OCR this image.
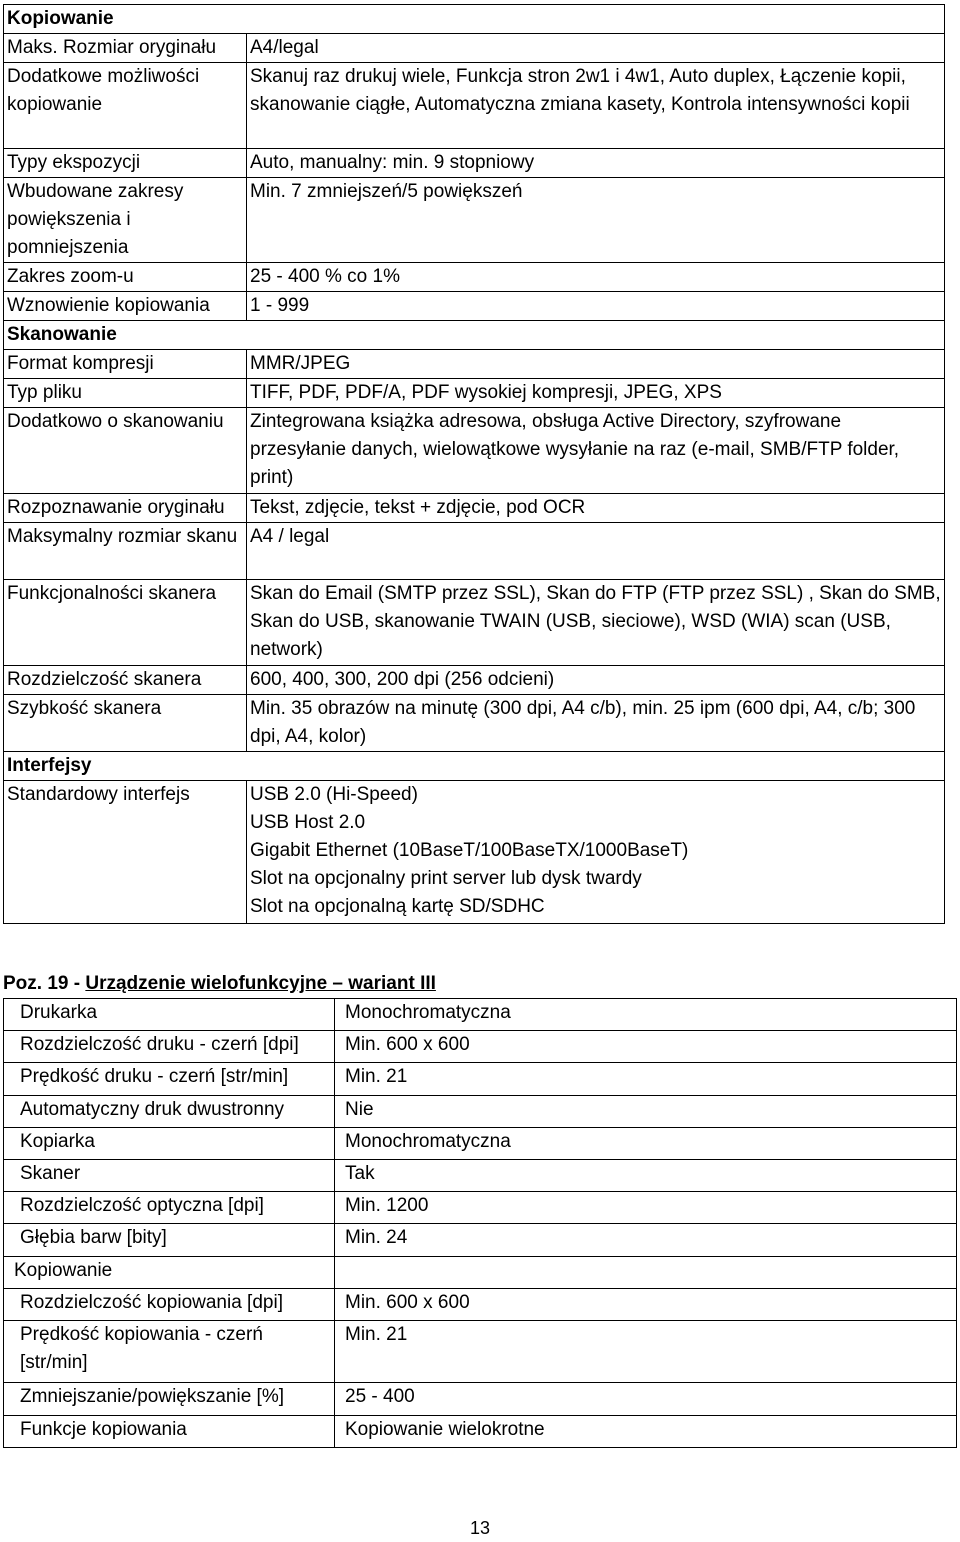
Kopiowanie	
Maks. Rozmiar oryginału	A4/legal
Dodatkowe możliwości kopiowanie	Skanuj raz drukuj wiele, Funkcja stron 2w1 i 4w1, Auto duplex, Łączenie kopii, skanowanie ciągłe, Automatyczna zmiana kasety, Kontrola intensywności kopii
Typy ekspozycji	Auto, manualny: min. 9 stopniowy
Wbudowane zakresy powiększenia i pomniejszenia	Min. 7 zmniejszeń/5 powiększeń
Zakres zoom-u	25 - 400 % co 1%
Wznowienie kopiowania	1 - 999
Skanowanie	
Format kompresji	MMR/JPEG
Typ pliku	TIFF, PDF, PDF/A, PDF wysokiej kompresji, JPEG, XPS
Dodatkowo o skanowaniu	Zintegrowana książka adresowa, obsługa Active Directory, szyfrowane przesyłanie danych, wielowątkowe wysyłanie na raz (e-mail, SMB/FTP folder, print)
Rozpoznawanie oryginału	Tekst, zdjęcie, tekst + zdjęcie, pod OCR
Maksymalny rozmiar skanu	A4 / legal
Funkcjonalności skanera	Skan do Email (SMTP przez SSL), Skan do FTP (FTP przez SSL) , Skan do SMB, Skan do USB, skanowanie TWAIN (USB, sieciowe), WSD (WIA) scan (USB, network)
Rozdzielczość skanera	600, 400, 300, 200 dpi (256 odcieni)
Szybkość skanera	Min. 35 obrazów na minutę (300 dpi, A4 c/b), min. 25 ipm (600 dpi, A4, c/b; 300 dpi, A4, kolor)
Interfejsy	
Standardowy interfejs	USB 2.0 (Hi-Speed)
USB Host 2.0
Gigabit Ethernet (10BaseT/100BaseTX/1000BaseT)
Slot na opcjonalny print server lub dysk twardy
Slot na opcjonalną kartę SD/SDHC
Poz. 19 - Urządzenie wielofunkcyjne – wariant III
Drukarka	Monochromatyczna
Rozdzielczość druku - czerń [dpi]	Min. 600 x 600
Prędkość druku - czerń [str/min]	Min. 21
Automatyczny druk dwustronny	Nie
Kopiarka	Monochromatyczna
Skaner	Tak
Rozdzielczość optyczna [dpi]	Min. 1200
Głębia barw [bity]	Min. 24
Kopiowanie	
Rozdzielczość kopiowania [dpi]	Min. 600 x 600
Prędkość kopiowania - czerń [str/min]	Min. 21
Zmniejszanie/powiększanie [%]	25 - 400
Funkcje kopiowania	Kopiowanie wielokrotne
13
